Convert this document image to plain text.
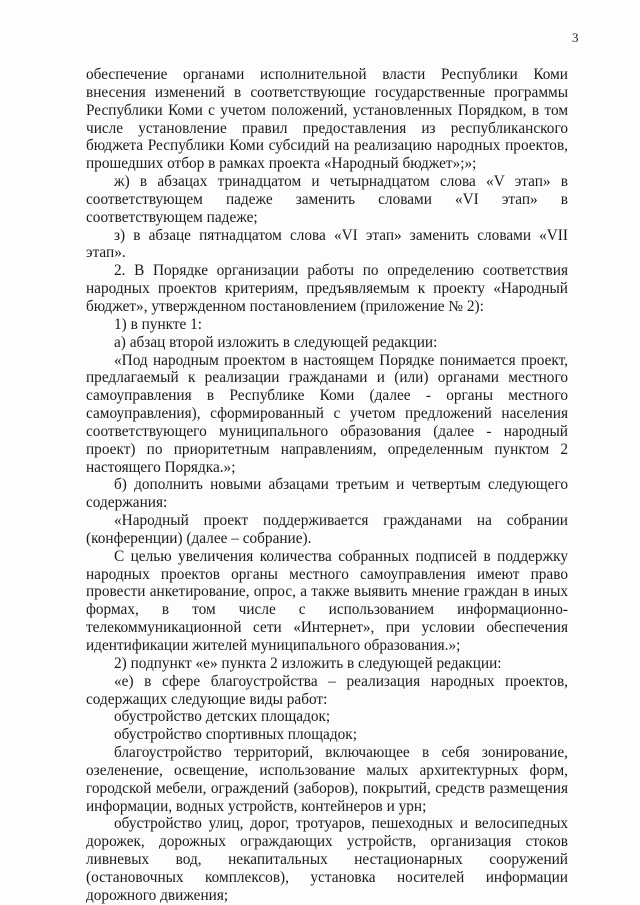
3

обеспечение органами исполнительной власти Республики Коми внесения изменений в соответствующие государственные программы Республики Коми с учетом положений, установленных Порядком, в том числе установление правил предоставления из республиканского бюджета Республики Коми субсидий на реализацию народных проектов, прошедших отбор в рамках проекта «Народный бюджет»;»;

ж) в абзацах тринадцатом и четырнадцатом слова «V этап» в соответствующем падеже заменить словами «VI этап» в соответствующем падеже;

з) в абзаце пятнадцатом слова «VI этап» заменить словами «VII этап».

2. В Порядке организации работы по определению соответствия народных проектов критериям, предъявляемым к проекту «Народный бюджет», утвержденном постановлением (приложение № 2):

1) в пункте 1:

а) абзац второй изложить в следующей редакции:

«Под народным проектом в настоящем Порядке понимается проект, предлагаемый к реализации гражданами и (или) органами местного самоуправления в Республике Коми (далее - органы местного самоуправления), сформированный с учетом предложений населения соответствующего муниципального образования (далее - народный проект) по приоритетным направлениям, определенным пунктом 2 настоящего Порядка.»;

б) дополнить новыми абзацами третьим и четвертым следующего содержания:

«Народный проект поддерживается гражданами на собрании (конференции) (далее – собрание).

С целью увеличения количества собранных подписей в поддержку народных проектов органы местного самоуправления имеют право провести анкетирование, опрос, а также выявить мнение граждан в иных формах, в том числе с использованием информационно-телекоммуникационной сети «Интернет», при условии обеспечения идентификации жителей муниципального образования.»;

2) подпункт «е» пункта 2 изложить в следующей редакции:

«е) в сфере благоустройства – реализация народных проектов, содержащих следующие виды работ:

обустройство детских площадок;

обустройство спортивных площадок;

благоустройство территорий, включающее в себя зонирование, озеленение, освещение, использование малых архитектурных форм, городской мебели, ограждений (заборов), покрытий, средств размещения информации, водных устройств, контейнеров и урн;

обустройство улиц, дорог, тротуаров, пешеходных и велосипедных дорожек, дорожных ограждающих устройств, организация стоков ливневых вод, некапитальных нестационарных сооружений (остановочных комплексов), установка носителей информации дорожного движения;
